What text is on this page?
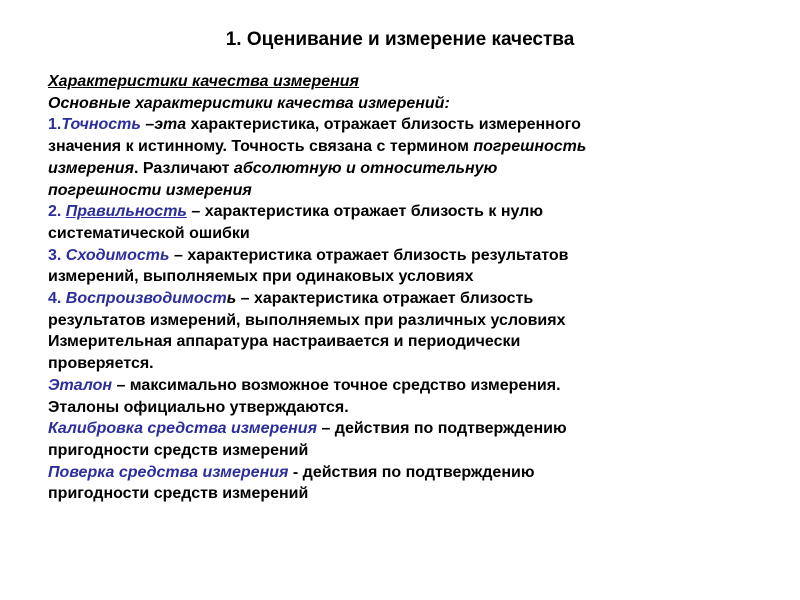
1. Оценивание и измерение качества
Характеристики качества измерения
Основные характеристики качества измерений:
1.Точность –эта характеристика, отражает близость измеренного
значения к истинному. Точность связана с термином погрешность
измерения. Различают абсолютную и относительную
погрешности измерения
2. Правильность – характеристика отражает близость к нулю
систематической ошибки
3. Сходимость – характеристика отражает близость результатов
измерений, выполняемых при одинаковых условиях
4. Воспроизводимость – характеристика отражает близость
результатов измерений, выполняемых при различных условиях
Измерительная аппаратура настраивается и периодически
проверяется.
Эталон – максимально возможное точное средство измерения.
Эталоны официально утверждаются.
Калибровка средства измерения – действия по подтверждению
пригодности средств измерений
Поверка средства измерения - действия по подтверждению
пригодности средств измерений
